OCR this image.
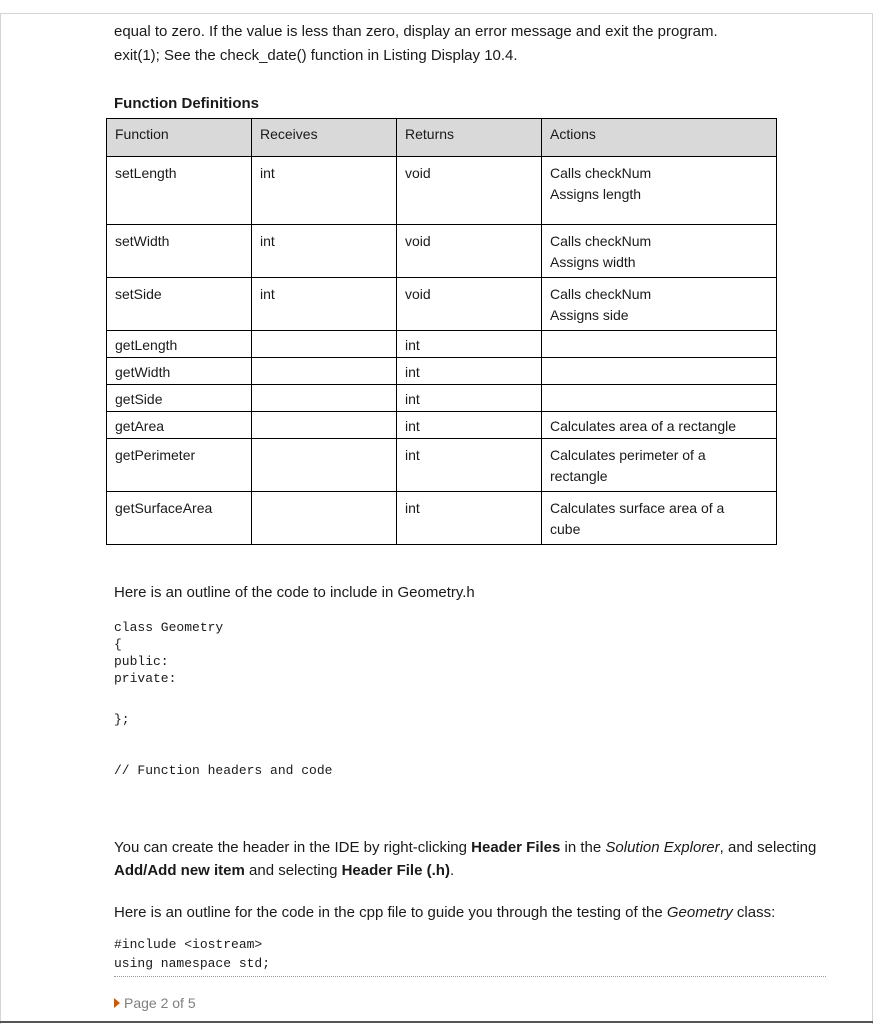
equal to zero. If the value is less than zero, display an error message and exit the program.
exit(1); See the check_date() function in Listing Display 10.4.

Function Definitions
Function	Receives	Returns	Actions
setLength	int	void	Calls checkNum
Assigns length
setWidth	int	void	Calls checkNum
Assigns width
setSide	int	void	Calls checkNum
Assigns side
getLength		int	
getWidth		int	
getSide		int	
getArea		int	Calculates area of a rectangle
getPerimeter		int	Calculates perimeter of a
rectangle
getSurfaceArea		int	Calculates surface area of a
cube
Here is an outline of the code to include in Geometry.h
class Geometry
{
public:
private:
};
// Function headers and code

You can create the header in the IDE by right-clicking Header Files in the Solution Explorer, and selecting Add/Add new item and selecting Header File (.h).

Here is an outline for the code in the cpp file to guide you through the testing of the Geometry class:

#include <iostream>
using namespace std;
Page 2 of 5
